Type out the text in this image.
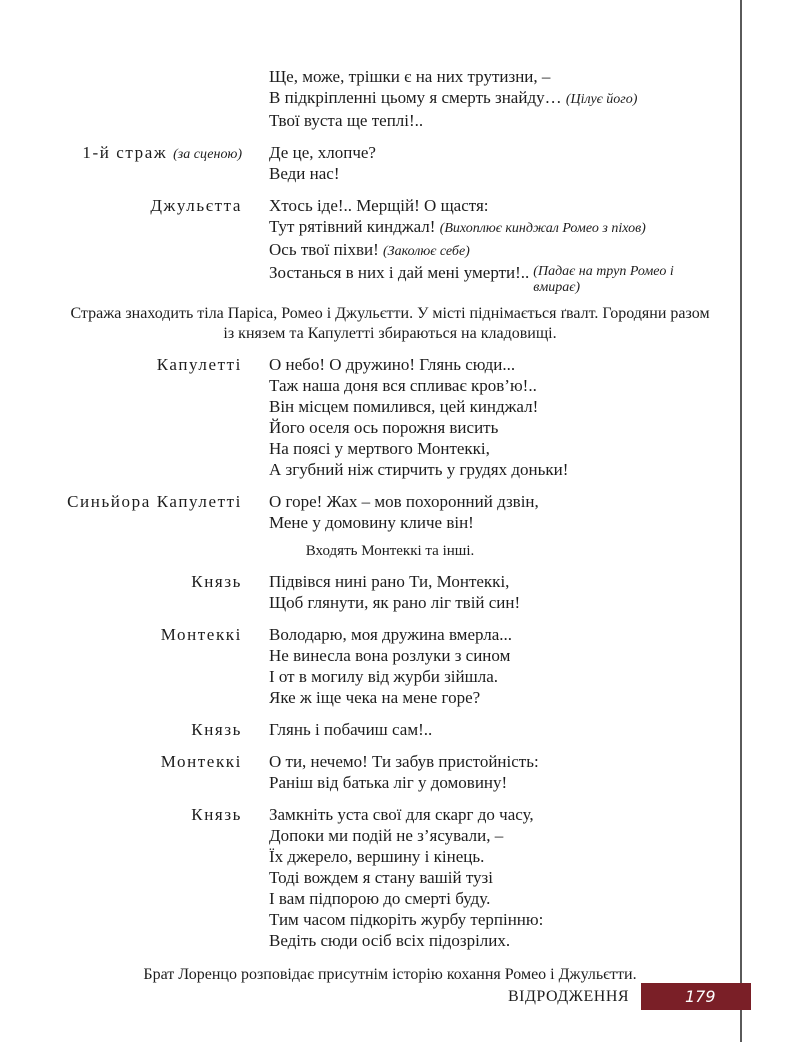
Ще, може, трішки є на них трутизни, –
В підкріпленні цьому я смерть знайду… (Цілує його)
Твої вуста ще теплі!..
1-й страж (за сценою) Де це, хлопче?
Веди нас!
Джульєтта Хтось іде!.. Мерщій! О щастя:
Тут рятівний кинджал! (Вихоплює кинджал Ромео з піхов)
Ось твої піхви! (Заколює себе)
Зостанься в них і дай мені умерти!.. (Падає на труп Ромео і вмирає)
Стража знаходить тіла Паріса, Ромео і Джульєтти. У місті піднімається ґвалт. Городяни разом із князем та Капулетті збираються на кладовищі.
Капулетті О небо! О дружино! Глянь сюди...
Таж наша доня вся спливає кров’ю!..
Він місцем помилився, цей кинджал!
Його оселя ось порожня висить
На поясі у мертвого Монтеккі,
А згубний ніж стирчить у грудях доньки!
Синьйора Капулетті О горе! Жах – мов похоронний дзвін,
Мене у домовину кличе він!
Входять Монтеккі та інші.
Князь Підвівся нині рано Ти, Монтеккі,
Щоб глянути, як рано ліг твій син!
Монтеккі Володарю, моя дружина вмерла...
Не винесла вона розлуки з сином
І от в могилу від журби зійшла.
Яке ж іще чека на мене горе?
Князь Глянь і побачиш сам!..
Монтеккі О ти, нечемо! Ти забув пристойність:
Раніш від батька ліг у домовину!
Князь Замкніть уста свої для скарг до часу,
Допоки ми подій не з’ясували, –
Їх джерело, вершину і кінець.
Тоді вождем я стану вашій тузі
І вам підпорою до смерті буду.
Тим часом підкоріть журбу терпінню:
Ведіть сюди осіб всіх підозрілих.
Брат Лоренцо розповідає присутнім історію кохання Ромео і Джульєтти.
ВІДРОДЖЕННЯ	179
